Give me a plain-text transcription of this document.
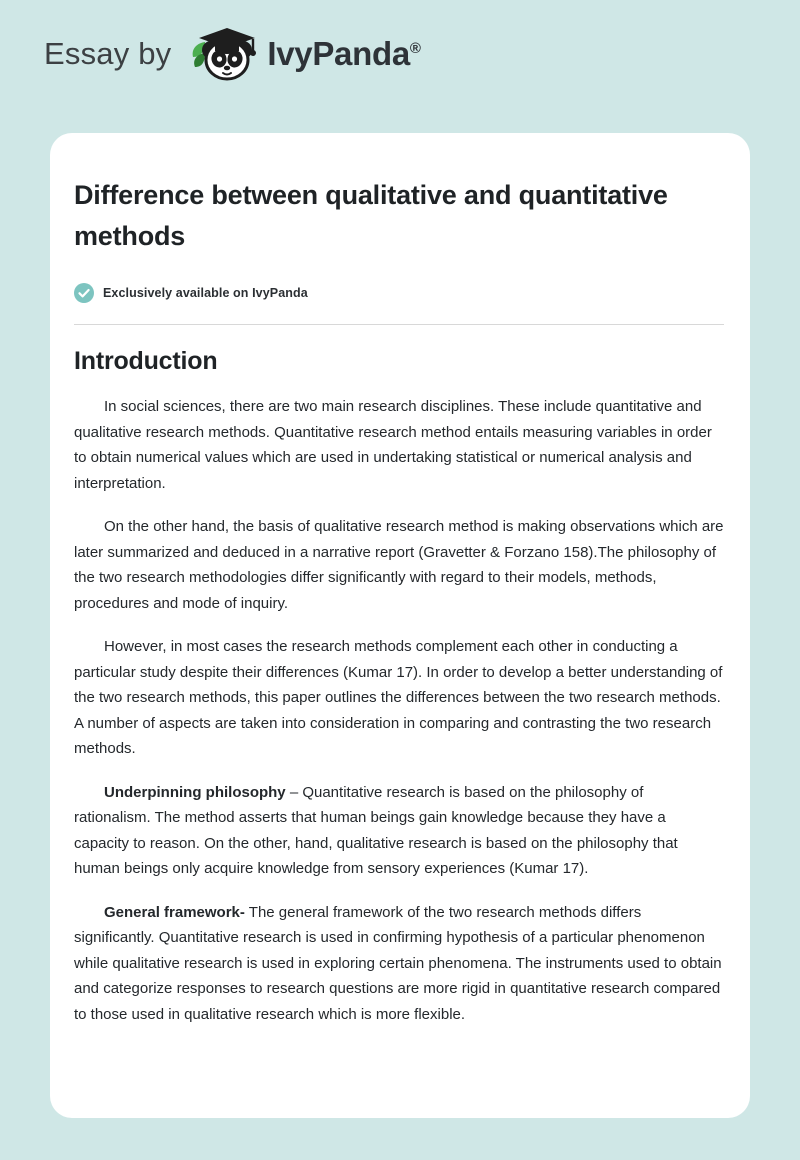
Essay by	IvyPanda®
Difference between qualitative and quantitative methods
Exclusively available on IvyPanda
Introduction

In social sciences, there are two main research disciplines. These include quantitative and qualitative research methods. Quantitative research method entails measuring variables in order to obtain numerical values which are used in undertaking statistical or numerical analysis and interpretation.

On the other hand, the basis of qualitative research method is making observations which are later summarized and deduced in a narrative report (Gravetter & Forzano 158).The philosophy of the two research methodologies differ significantly with regard to their models, methods, procedures and mode of inquiry.

However, in most cases the research methods complement each other in conducting a particular study despite their differences (Kumar 17). In order to develop a better understanding of the two research methods, this paper outlines the differences between the two research methods. A number of aspects are taken into consideration in comparing and contrasting the two research methods.

Underpinning philosophy – Quantitative research is based on the philosophy of rationalism. The method asserts that human beings gain knowledge because they have a capacity to reason. On the other, hand, qualitative research is based on the philosophy that human beings only acquire knowledge from sensory experiences (Kumar 17).

General framework- The general framework of the two research methods differs significantly. Quantitative research is used in confirming hypothesis of a particular phenomenon while qualitative research is used in exploring certain phenomena. The instruments used to obtain and categorize responses to research questions are more rigid in quantitative research compared to those used in qualitative research which is more flexible.
